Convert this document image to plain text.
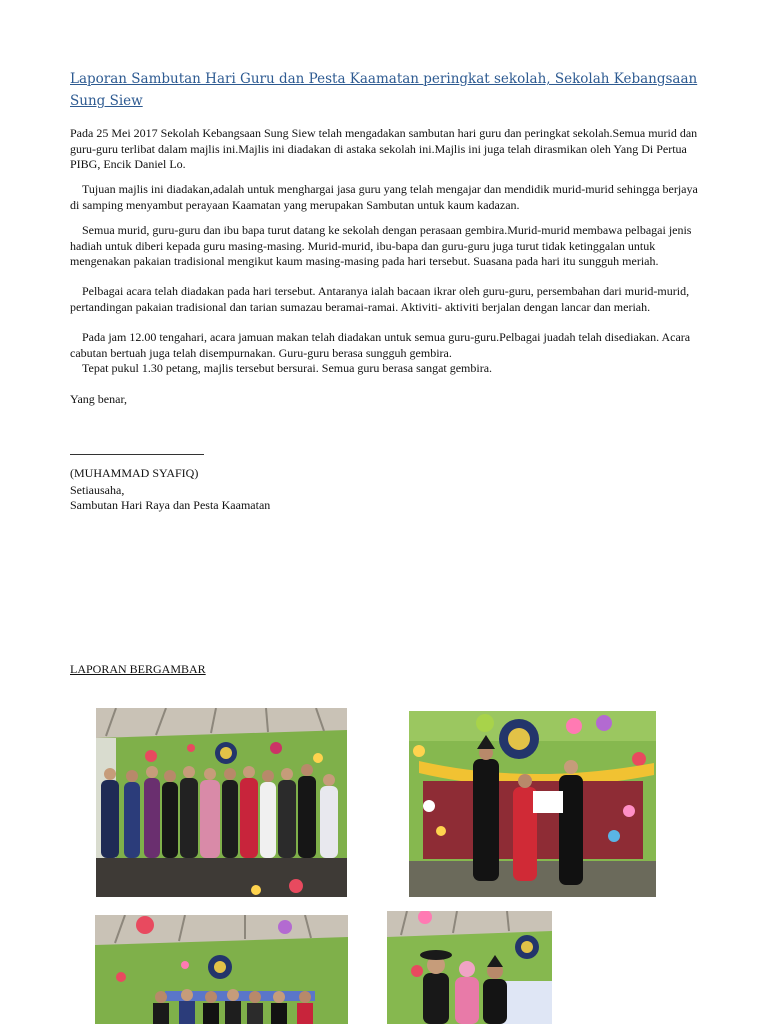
Laporan Sambutan Hari Guru dan Pesta Kaamatan peringkat sekolah, Sekolah Kebangsaan Sung Siew

Pada 25 Mei 2017 Sekolah Kebangsaan Sung Siew telah mengadakan sambutan hari guru dan peringkat sekolah.Semua murid dan guru-guru terlibat dalam majlis ini.Majlis ini diadakan di astaka sekolah ini.Majlis ini juga telah dirasmikan oleh Yang Di Pertua PIBG, Encik Daniel Lo.

Tujuan majlis ini diadakan,adalah untuk menghargai jasa guru yang telah mengajar dan mendidik murid-murid sehingga berjaya di samping menyambut perayaan Kaamatan yang merupakan Sambutan untuk kaum kadazan.

Semua murid, guru-guru dan ibu bapa turut datang ke sekolah dengan perasaan gembira.Murid-murid membawa pelbagai jenis hadiah untuk diberi kepada guru masing-masing. Murid-murid, ibu-bapa dan guru-guru juga turut tidak ketinggalan untuk mengenakan pakaian tradisional mengikut kaum masing-masing pada hari tersebut. Suasana pada hari itu sungguh meriah.

Pelbagai acara telah diadakan pada hari tersebut. Antaranya ialah bacaan ikrar oleh guru-guru, persembahan dari murid-murid, pertandingan pakaian tradisional dan tarian sumazau beramai-ramai. Aktiviti- aktiviti berjalan dengan lancar dan meriah.

Pada jam 12.00 tengahari, acara jamuan makan telah diadakan untuk semua guru-guru.Pelbagai juadah telah disediakan. Acara cabutan bertuah juga telah disempurnakan. Guru-guru berasa sungguh gembira.

Tepat pukul 1.30 petang, majlis tersebut bersurai. Semua guru berasa sangat gembira.

Yang benar,

(MUHAMMAD SYAFIQ)

Setiausaha,

Sambutan Hari Raya dan Pesta Kaamatan

LAPORAN BERGAMBAR
